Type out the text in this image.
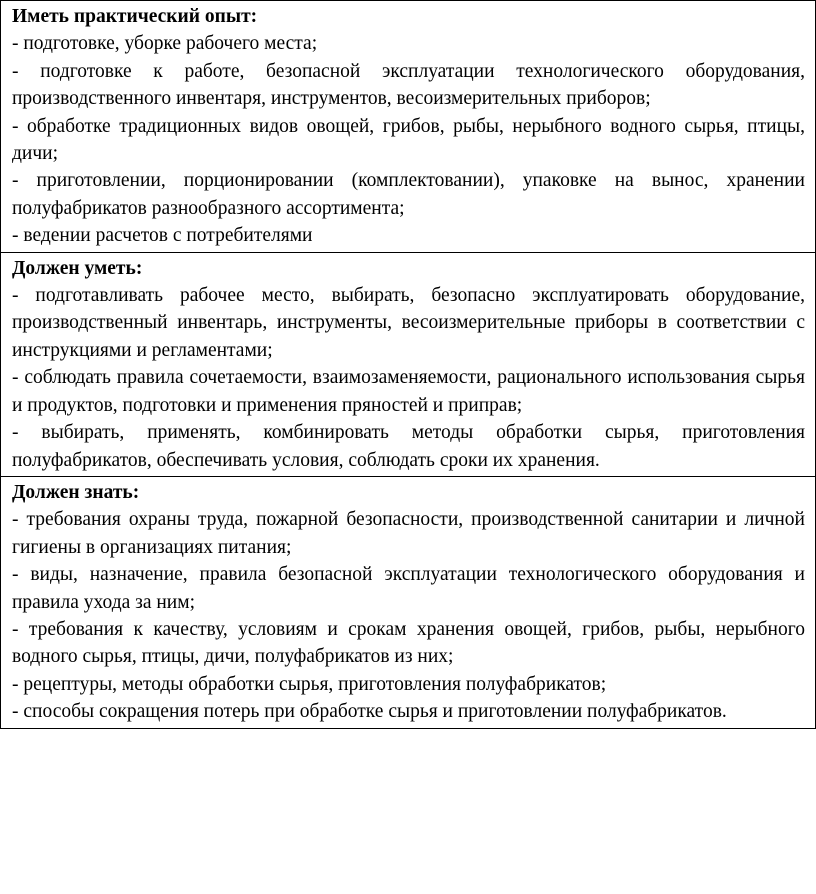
Иметь практический опыт:
- подготовке, уборке рабочего места;
- подготовке к работе, безопасной эксплуатации технологического оборудования, производственного инвентаря, инструментов, весоизмерительных приборов;
- обработке традиционных видов овощей, грибов, рыбы, нерыбного водного сырья, птицы, дичи;
- приготовлении, порционировании (комплектовании), упаковке на вынос, хранении полуфабрикатов разнообразного ассортимента;
- ведении расчетов с потребителями

Должен уметь:
- подготавливать рабочее место, выбирать, безопасно эксплуатировать оборудование, производственный инвентарь, инструменты, весоизмерительные приборы в соответствии с инструкциями и регламентами;
- соблюдать правила сочетаемости, взаимозаменяемости, рационального использования сырья и продуктов, подготовки и применения пряностей и приправ;
- выбирать, применять, комбинировать методы обработки сырья, приготовления полуфабрикатов, обеспечивать условия, соблюдать сроки их хранения.

Должен знать:
- требования охраны труда, пожарной безопасности, производственной санитарии и личной гигиены в организациях питания;
- виды, назначение, правила безопасной эксплуатации технологического оборудования и правила ухода за ним;
- требования к качеству, условиям и срокам хранения овощей, грибов, рыбы, нерыбного водного сырья, птицы, дичи, полуфабрикатов из них;
- рецептуры, методы обработки сырья, приготовления полуфабрикатов;
- способы сокращения потерь при обработке сырья и приготовлении полуфабрикатов.
